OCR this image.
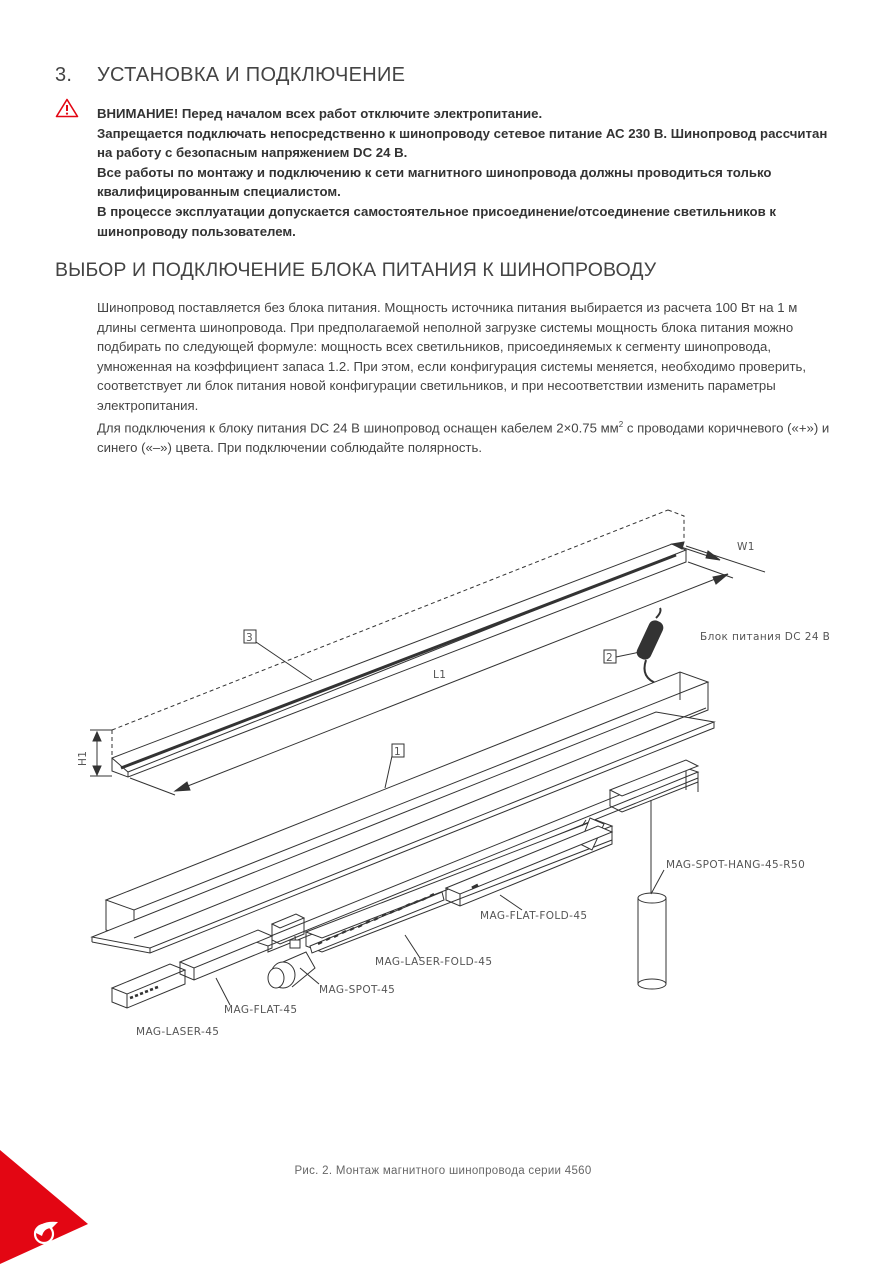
3. УСТАНОВКА И ПОДКЛЮЧЕНИЕ

ВНИМАНИЕ! Перед началом всех работ отключите электропитание.

Запрещается подключать непосредственно к шинопроводу сетевое питание АС 230 В. Шинопровод рассчитан на работу с безопасным напряжением DC 24 В.

Все работы по монтажу и подключению к сети магнитного шинопровода должны проводиться только квалифицированным специалистом.

В процессе эксплуатации допускается самостоятельное присоединение/отсоединение светильников к шинопроводу пользователем.

ВЫБОР И ПОДКЛЮЧЕНИЕ БЛОКА ПИТАНИЯ К ШИНОПРОВОДУ

Шинопровод поставляется без блока питания. Мощность источника питания выбирается из расчета 100 Вт на 1 м длины сегмента шинопровода. При предполагаемой неполной загрузке системы мощность блока питания можно подбирать по следующей формуле: мощность всех светильников, присоединяемых к сегменту шинопровода, умноженная на коэффициент запаса 1.2. При этом, если конфигурация системы меняется, необходимо проверить, соответствует ли блок питания новой конфигурации светильников, и при несоответствии изменить параметры электропитания.

Для подключения к блоку питания DC 24 В шинопровод оснащен кабелем 2×0.75 $мм^2$ с проводами коричневого («+») и синего («–») цвета. При подключении соблюдайте полярность.

L1
W1
H1
3
2
Блок питания DC 24 В
1
MAG-LASER-45
MAG-FLAT-45
MAG-SPOT-45
MAG-LASER-FOLD-45
MAG-FLAT-FOLD-45
MAG-SPOT-HANG-45-R50
Рис. 2. Монтаж магнитного шинопровода серии 4560
